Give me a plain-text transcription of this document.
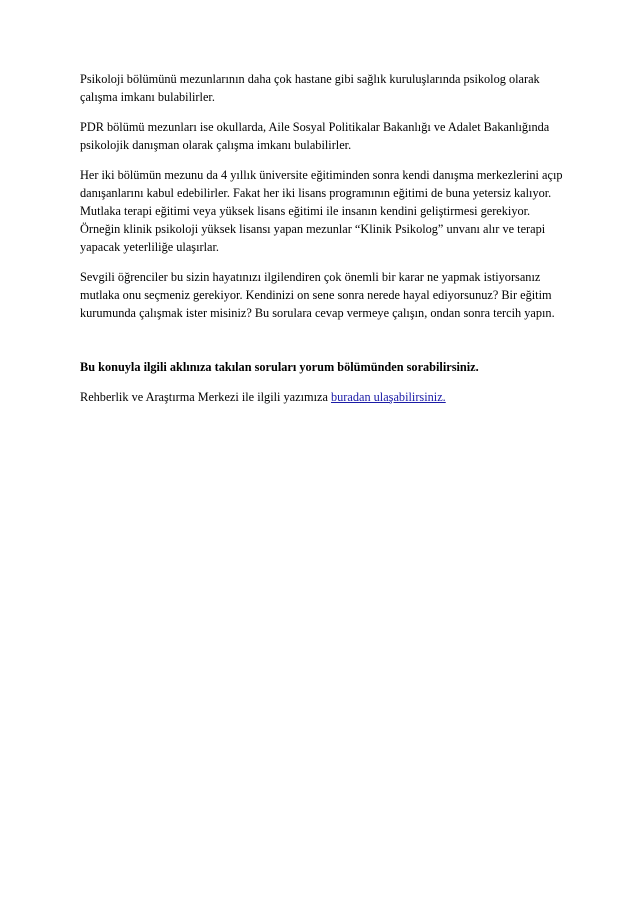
Psikoloji bölümünü mezunlarının daha çok hastane gibi sağlık kuruluşlarında psikolog olarak çalışma imkanı bulabilirler.

PDR bölümü mezunları ise okullarda, Aile Sosyal Politikalar Bakanlığı ve Adalet Bakanlığında psikolojik danışman olarak çalışma imkanı bulabilirler.

Her iki bölümün mezunu da 4 yıllık üniversite eğitiminden sonra kendi danışma merkezlerini açıp danışanlarını kabul edebilirler. Fakat her iki lisans programının eğitimi de buna yetersiz kalıyor. Mutlaka terapi eğitimi veya yüksek lisans eğitimi ile insanın kendini geliştirmesi gerekiyor. Örneğin klinik psikoloji yüksek lisansı yapan mezunlar “Klinik Psikolog” unvanı alır ve terapi yapacak yeterliliğe ulaşırlar.

Sevgili öğrenciler bu sizin hayatınızı ilgilendiren çok önemli bir karar ne yapmak istiyorsanız mutlaka onu seçmeniz gerekiyor. Kendinizi on sene sonra nerede hayal ediyorsunuz? Bir eğitim kurumunda çalışmak ister misiniz? Bu sorulara cevap vermeye çalışın, ondan sonra tercih yapın.

Bu konuyla ilgili aklınıza takılan soruları yorum bölümünden sorabilirsiniz.

Rehberlik ve Araştırma Merkezi ile ilgili yazımıza buradan ulaşabilirsiniz.
